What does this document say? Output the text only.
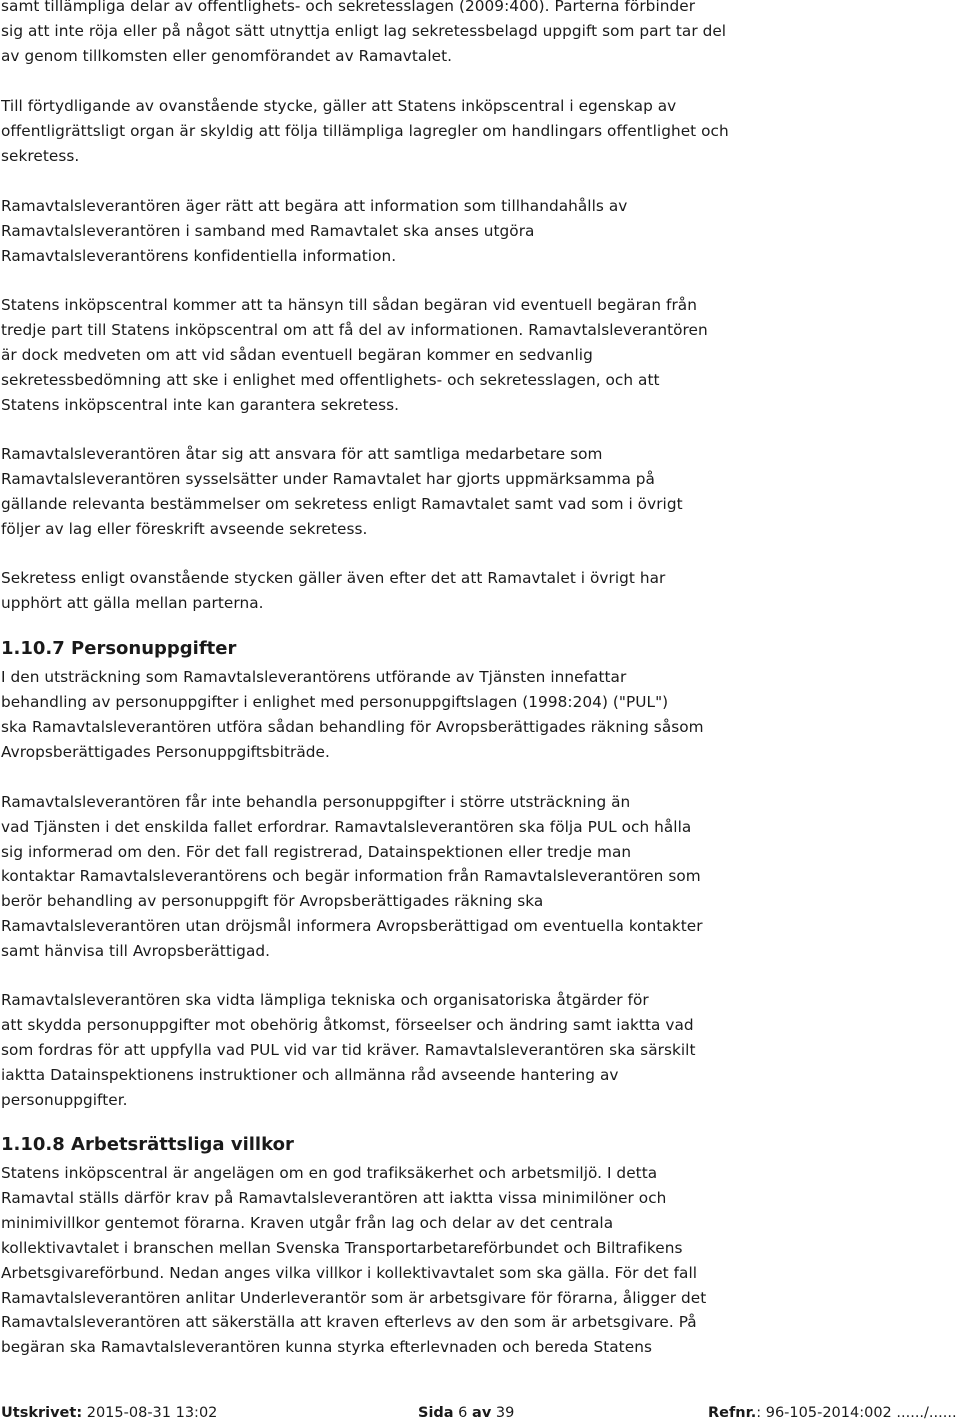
samt tillämpliga delar av offentlighets- och sekretesslagen (2009:400). Parterna förbinder
sig att inte röja eller på något sätt utnyttja enligt lag sekretessbelagd uppgift som part tar del
av genom tillkomsten eller genomförandet av Ramavtalet.
Till förtydligande av ovanstående stycke, gäller att Statens inköpscentral i egenskap av
offentligrättsligt organ är skyldig att följa tillämpliga lagregler om handlingars offentlighet och
sekretess.
Ramavtalsleverantören äger rätt att begära att information som tillhandahålls av
Ramavtalsleverantören i samband med Ramavtalet ska anses utgöra
Ramavtalsleverantörens konfidentiella information.
Statens inköpscentral kommer att ta hänsyn till sådan begäran vid eventuell begäran från
tredje part till Statens inköpscentral om att få del av informationen. Ramavtalsleverantören
är dock medveten om att vid sådan eventuell begäran kommer en sedvanlig
sekretessbedömning att ske i enlighet med offentlighets- och sekretesslagen, och att
Statens inköpscentral inte kan garantera sekretess.
Ramavtalsleverantören åtar sig att ansvara för att samtliga medarbetare som
Ramavtalsleverantören sysselsätter under Ramavtalet har gjorts uppmärksamma på
gällande relevanta bestämmelser om sekretess enligt Ramavtalet samt vad som i övrigt
följer av lag eller föreskrift avseende sekretess.
Sekretess enligt ovanstående stycken gäller även efter det att Ramavtalet i övrigt har
upphört att gälla mellan parterna.
1.10.7 Personuppgifter
I den utsträckning som Ramavtalsleverantörens utförande av Tjänsten innefattar
behandling av personuppgifter i enlighet med personuppgiftslagen (1998:204) ("PUL")
ska Ramavtalsleverantören utföra sådan behandling för Avropsberättigades räkning såsom
Avropsberättigades Personuppgiftsbiträde.
Ramavtalsleverantören får inte behandla personuppgifter i större utsträckning än
vad Tjänsten i det enskilda fallet erfordrar. Ramavtalsleverantören ska följa PUL och hålla
sig informerad om den. För det fall registrerad, Datainspektionen eller tredje man
kontaktar Ramavtalsleverantörens och begär information från Ramavtalsleverantören som
berör behandling av personuppgift för Avropsberättigades räkning ska
Ramavtalsleverantören utan dröjsmål informera Avropsberättigad om eventuella kontakter
samt hänvisa till Avropsberättigad.
Ramavtalsleverantören ska vidta lämpliga tekniska och organisatoriska åtgärder för
att skydda personuppgifter mot obehörig åtkomst, förseelser och ändring samt iaktta vad
som fordras för att uppfylla vad PUL vid var tid kräver. Ramavtalsleverantören ska särskilt
iaktta Datainspektionens instruktioner och allmänna råd avseende hantering av
personuppgifter.
1.10.8 Arbetsrättsliga villkor
Statens inköpscentral är angelägen om en god trafiksäkerhet och arbetsmiljö. I detta
Ramavtal ställs därför krav på Ramavtalsleverantören att iaktta vissa minimilöner och
minimivillkor gentemot förarna. Kraven utgår från lag och delar av det centrala
kollektivavtalet i branschen mellan Svenska Transportarbetareförbundet och Biltrafikens
Arbetsgivareförbund. Nedan anges vilka villkor i kollektivavtalet som ska gälla. För det fall
Ramavtalsleverantören anlitar Underleverantör som är arbetsgivare för förarna, åligger det
Ramavtalsleverantören att säkerställa att kraven efterlevs av den som är arbetsgivare. På
begäran ska Ramavtalsleverantören kunna styrka efterlevnaden och bereda Statens
Utskrivet: 2015-08-31 13:02	Sida 6 av 39	Refnr.: 96-105-2014:002 ....../......
